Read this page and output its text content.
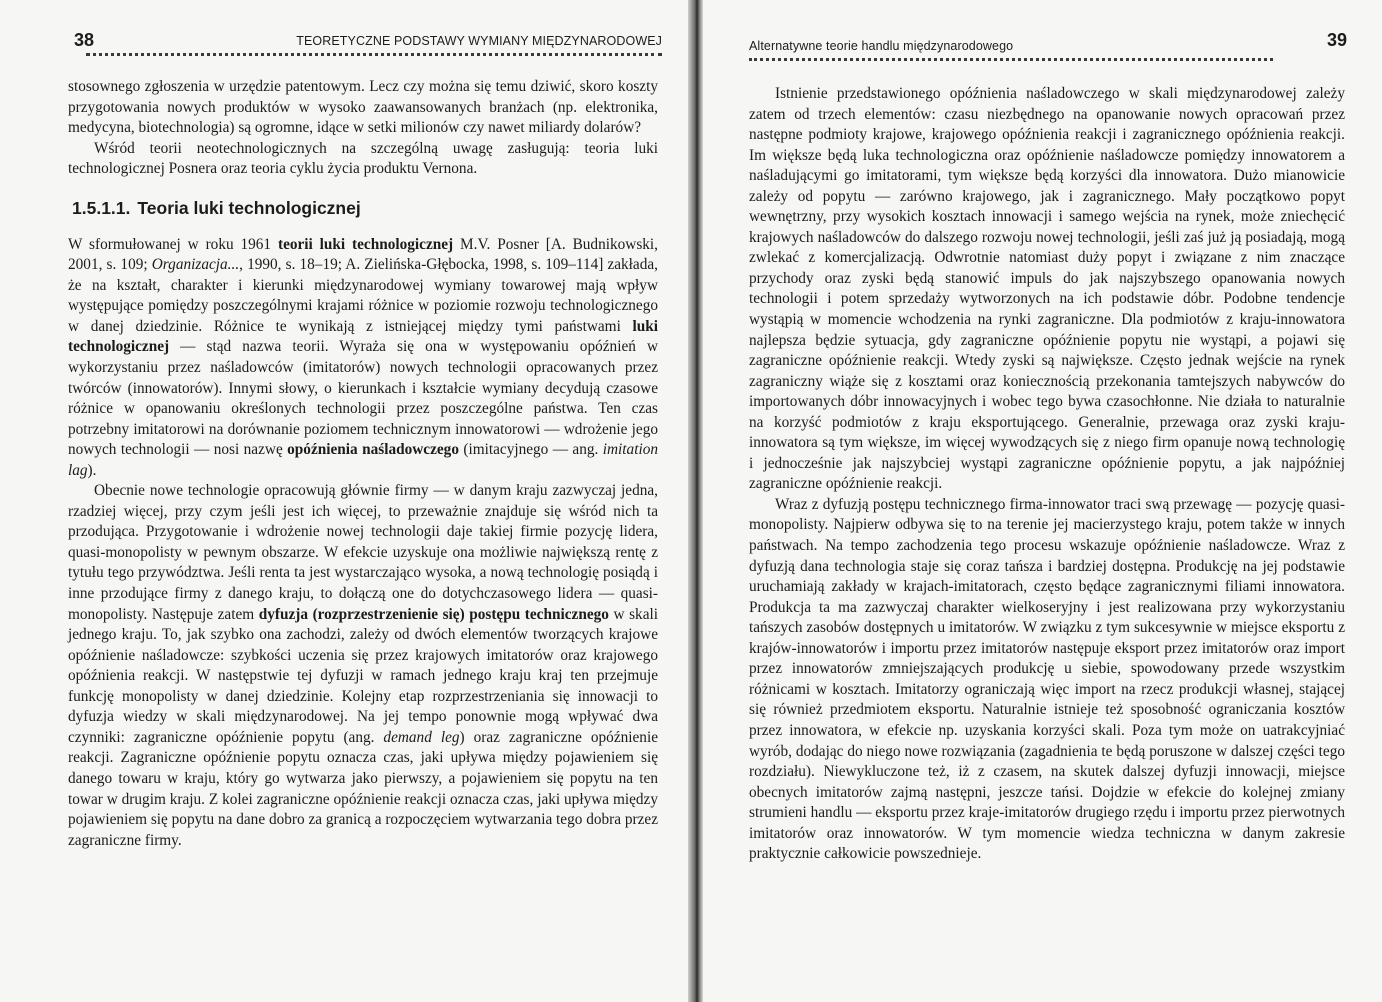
38	TEORETYCZNE PODSTAWY WYMIANY MIĘDZYNARODOWEJ

stosownego zgłoszenia w urzędzie patentowym. Lecz czy można się temu dziwić, skoro koszty przygotowania nowych produktów w wysoko zaawansowanych branżach (np. elektronika, medycyna, biotechnologia) są ogromne, idące w setki milionów czy nawet miliardy dolarów?

Wśród teorii neotechnologicznych na szczególną uwagę zasługują: teoria luki technologicznej Posnera oraz teoria cyklu życia produktu Vernona.

1.5.1.1. Teoria luki technologicznej

W sformułowanej w roku 1961 teorii luki technologicznej M.V. Posner [A. Budnikowski, 2001, s. 109; Organizacja..., 1990, s. 18–19; A. Zielińska-Głębocka, 1998, s. 109–114] zakłada, że na kształt, charakter i kierunki międzynarodowej wymiany towarowej mają wpływ występujące pomiędzy poszczególnymi krajami różnice w poziomie rozwoju technologicznego w danej dziedzinie. Różnice te wynikają z istniejącej między tymi państwami luki technologicznej — stąd nazwa teorii. Wyraża się ona w występowaniu opóźnień w wykorzystaniu przez naśladowców (imitatorów) nowych technologii opracowanych przez twórców (innowatorów). Innymi słowy, o kierunkach i kształcie wymiany decydują czasowe różnice w opanowaniu określonych technologii przez poszczególne państwa. Ten czas potrzebny imitatorowi na dorównanie poziomem technicznym innowatorowi — wdrożenie jego nowych technologii — nosi nazwę opóźnienia naśladowczego (imitacyjnego — ang. imitation lag).

Obecnie nowe technologie opracowują głównie firmy — w danym kraju zazwyczaj jedna, rzadziej więcej, przy czym jeśli jest ich więcej, to przeważnie znajduje się wśród nich ta przodująca. Przygotowanie i wdrożenie nowej technologii daje takiej firmie pozycję lidera, quasi-monopolisty w pewnym obszarze. W efekcie uzyskuje ona możliwie największą rentę z tytułu tego przywództwa. Jeśli renta ta jest wystarczająco wysoka, a nową technologię posiądą i inne przodujące firmy z danego kraju, to dołączą one do dotychczasowego lidera — quasi-monopolisty. Następuje zatem dyfuzja (rozprzestrzenienie się) postępu technicznego w skali jednego kraju. To, jak szybko ona zachodzi, zależy od dwóch elementów tworzących krajowe opóźnienie naśladowcze: szybkości uczenia się przez krajowych imitatorów oraz krajowego opóźnienia reakcji. W następstwie tej dyfuzji w ramach jednego kraju kraj ten przejmuje funkcję monopolisty w danej dziedzinie. Kolejny etap rozprzestrzeniania się innowacji to dyfuzja wiedzy w skali międzynarodowej. Na jej tempo ponownie mogą wpływać dwa czynniki: zagraniczne opóźnienie popytu (ang. demand leg) oraz zagraniczne opóźnienie reakcji. Zagraniczne opóźnienie popytu oznacza czas, jaki upływa między pojawieniem się danego towaru w kraju, który go wytwarza jako pierwszy, a pojawieniem się popytu na ten towar w drugim kraju. Z kolei zagraniczne opóźnienie reakcji oznacza czas, jaki upływa między pojawieniem się popytu na dane dobro za granicą a rozpoczęciem wytwarzania tego dobra przez zagraniczne firmy.

Alternatywne teorie handlu międzynarodowego	39

Istnienie przedstawionego opóźnienia naśladowczego w skali międzynarodowej zależy zatem od trzech elementów: czasu niezbędnego na opanowanie nowych opracowań przez następne podmioty krajowe, krajowego opóźnienia reakcji i zagranicznego opóźnienia reakcji. Im większe będą luka technologiczna oraz opóźnienie naśladowcze pomiędzy innowatorem a naśladującymi go imitatorami, tym większe będą korzyści dla innowatora. Dużo mianowicie zależy od popytu — zarówno krajowego, jak i zagranicznego. Mały początkowo popyt wewnętrzny, przy wysokich kosztach innowacji i samego wejścia na rynek, może zniechęcić krajowych naśladowców do dalszego rozwoju nowej technologii, jeśli zaś już ją posiadają, mogą zwlekać z komercjalizacją. Odwrotnie natomiast duży popyt i związane z nim znaczące przychody oraz zyski będą stanowić impuls do jak najszybszego opanowania nowych technologii i potem sprzedaży wytworzonych na ich podstawie dóbr. Podobne tendencje wystąpią w momencie wchodzenia na rynki zagraniczne. Dla podmiotów z kraju-innowatora najlepsza będzie sytuacja, gdy zagraniczne opóźnienie popytu nie wystąpi, a pojawi się zagraniczne opóźnienie reakcji. Wtedy zyski są największe. Często jednak wejście na rynek zagraniczny wiąże się z kosztami oraz koniecznością przekonania tamtejszych nabywców do importowanych dóbr innowacyjnych i wobec tego bywa czasochłonne. Nie działa to naturalnie na korzyść podmiotów z kraju eksportującego. Generalnie, przewaga oraz zyski kraju-innowatora są tym większe, im więcej wywodzących się z niego firm opanuje nową technologię i jednocześnie jak najszybciej wystąpi zagraniczne opóźnienie popytu, a jak najpóźniej zagraniczne opóźnienie reakcji.

Wraz z dyfuzją postępu technicznego firma-innowator traci swą przewagę — pozycję quasi-monopolisty. Najpierw odbywa się to na terenie jej macierzystego kraju, potem także w innych państwach. Na tempo zachodzenia tego procesu wskazuje opóźnienie naśladowcze. Wraz z dyfuzją dana technologia staje się coraz tańsza i bardziej dostępna. Produkcję na jej podstawie uruchamiają zakłady w krajach-imitatorach, często będące zagranicznymi filiami innowatora. Produkcja ta ma zazwyczaj charakter wielkoseryjny i jest realizowana przy wykorzystaniu tańszych zasobów dostępnych u imitatorów. W związku z tym sukcesywnie w miejsce eksportu z krajów-innowatorów i importu przez imitatorów następuje eksport przez imitatorów oraz import przez innowatorów zmniejszających produkcję u siebie, spowodowany przede wszystkim różnicami w kosztach. Imitatorzy ograniczają więc import na rzecz produkcji własnej, stającej się również przedmiotem eksportu. Naturalnie istnieje też sposobność ograniczania kosztów przez innowatora, w efekcie np. uzyskania korzyści skali. Poza tym może on uatrakcyjniać wyrób, dodając do niego nowe rozwiązania (zagadnienia te będą poruszone w dalszej części tego rozdziału). Niewykluczone też, iż z czasem, na skutek dalszej dyfuzji innowacji, miejsce obecnych imitatorów zajmą następni, jeszcze tańsi. Dojdzie w efekcie do kolejnej zmiany strumieni handlu — eksportu przez kraje-imitatorów drugiego rzędu i importu przez pierwotnych imitatorów oraz innowatorów. W tym momencie wiedza techniczna w danym zakresie praktycznie całkowicie powszednieje.
